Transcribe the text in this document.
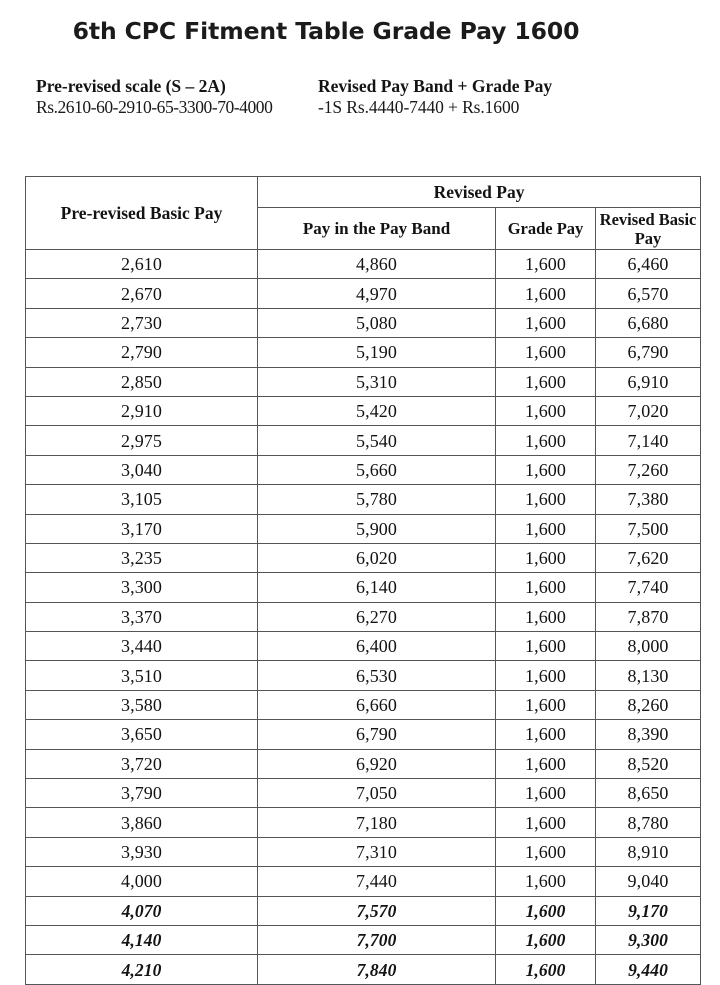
6th CPC Fitment Table Grade Pay 1600
Pre-revised scale (S – 2A)
Rs.2610-60-2910-65-3300-70-4000
Revised Pay Band + Grade Pay
-1S Rs.4440-7440 + Rs.1600
Pre-revised Basic Pay	Revised Pay		
	Pay in the Pay Band	Grade Pay	Revised Basic Pay
2,610	4,860	1,600	6,460
2,670	4,970	1,600	6,570
2,730	5,080	1,600	6,680
2,790	5,190	1,600	6,790
2,850	5,310	1,600	6,910
2,910	5,420	1,600	7,020
2,975	5,540	1,600	7,140
3,040	5,660	1,600	7,260
3,105	5,780	1,600	7,380
3,170	5,900	1,600	7,500
3,235	6,020	1,600	7,620
3,300	6,140	1,600	7,740
3,370	6,270	1,600	7,870
3,440	6,400	1,600	8,000
3,510	6,530	1,600	8,130
3,580	6,660	1,600	8,260
3,650	6,790	1,600	8,390
3,720	6,920	1,600	8,520
3,790	7,050	1,600	8,650
3,860	7,180	1,600	8,780
3,930	7,310	1,600	8,910
4,000	7,440	1,600	9,040
4,070	7,570	1,600	9,170
4,140	7,700	1,600	9,300
4,210	7,840	1,600	9,440
